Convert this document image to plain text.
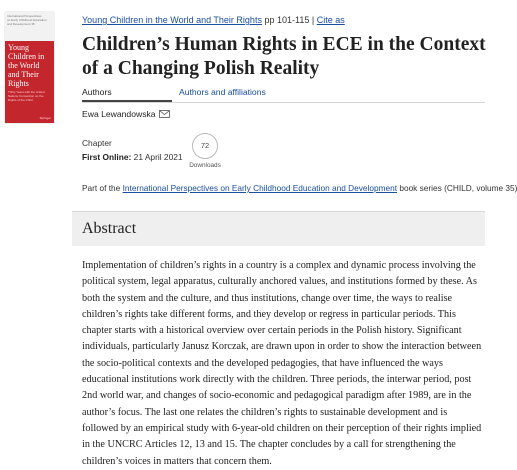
International Perspectives
on Early Childhood Education
and Development 35
Young Children in the World and Their Rights
Thirty Years with the United Nations Convention on the Rights of the Child
Springer
Young Children in the World and Their Rights pp 101-115 | Cite as
Children’s Human Rights in ECE in the Context of a Changing Polish Reality
Authors	Authors and affiliations
Ewa Lewandowska
Chapter
First Online: 21 April 2021
72
Downloads
Part of the International Perspectives on Early Childhood Education and Development book series (CHILD, volume 35)
Abstract

Implementation of children’s rights in a country is a complex and dynamic process involving the political system, legal apparatus, culturally anchored values, and institutions formed by these. As both the system and the culture, and thus institutions, change over time, the ways to realise children’s rights take different forms, and they develop or regress in particular periods. This chapter starts with a historical overview over certain periods in the Polish history. Significant individuals, particularly Janusz Korczak, are drawn upon in order to show the interaction between the socio-political contexts and the developed pedagogies, that have influenced the ways educational institutions work directly with the children. Three periods, the interwar period, post 2nd world war, and changes of socio-economic and pedagogical paradigm after 1989, are in the author’s focus. The last one relates the children’s rights to sustainable development and is followed by an empirical study with 6-year-old children on their perception of their rights implied in the UNCRC Articles 12, 13 and 15. The chapter concludes by a call for strengthening the children’s voices in matters that concern them.
